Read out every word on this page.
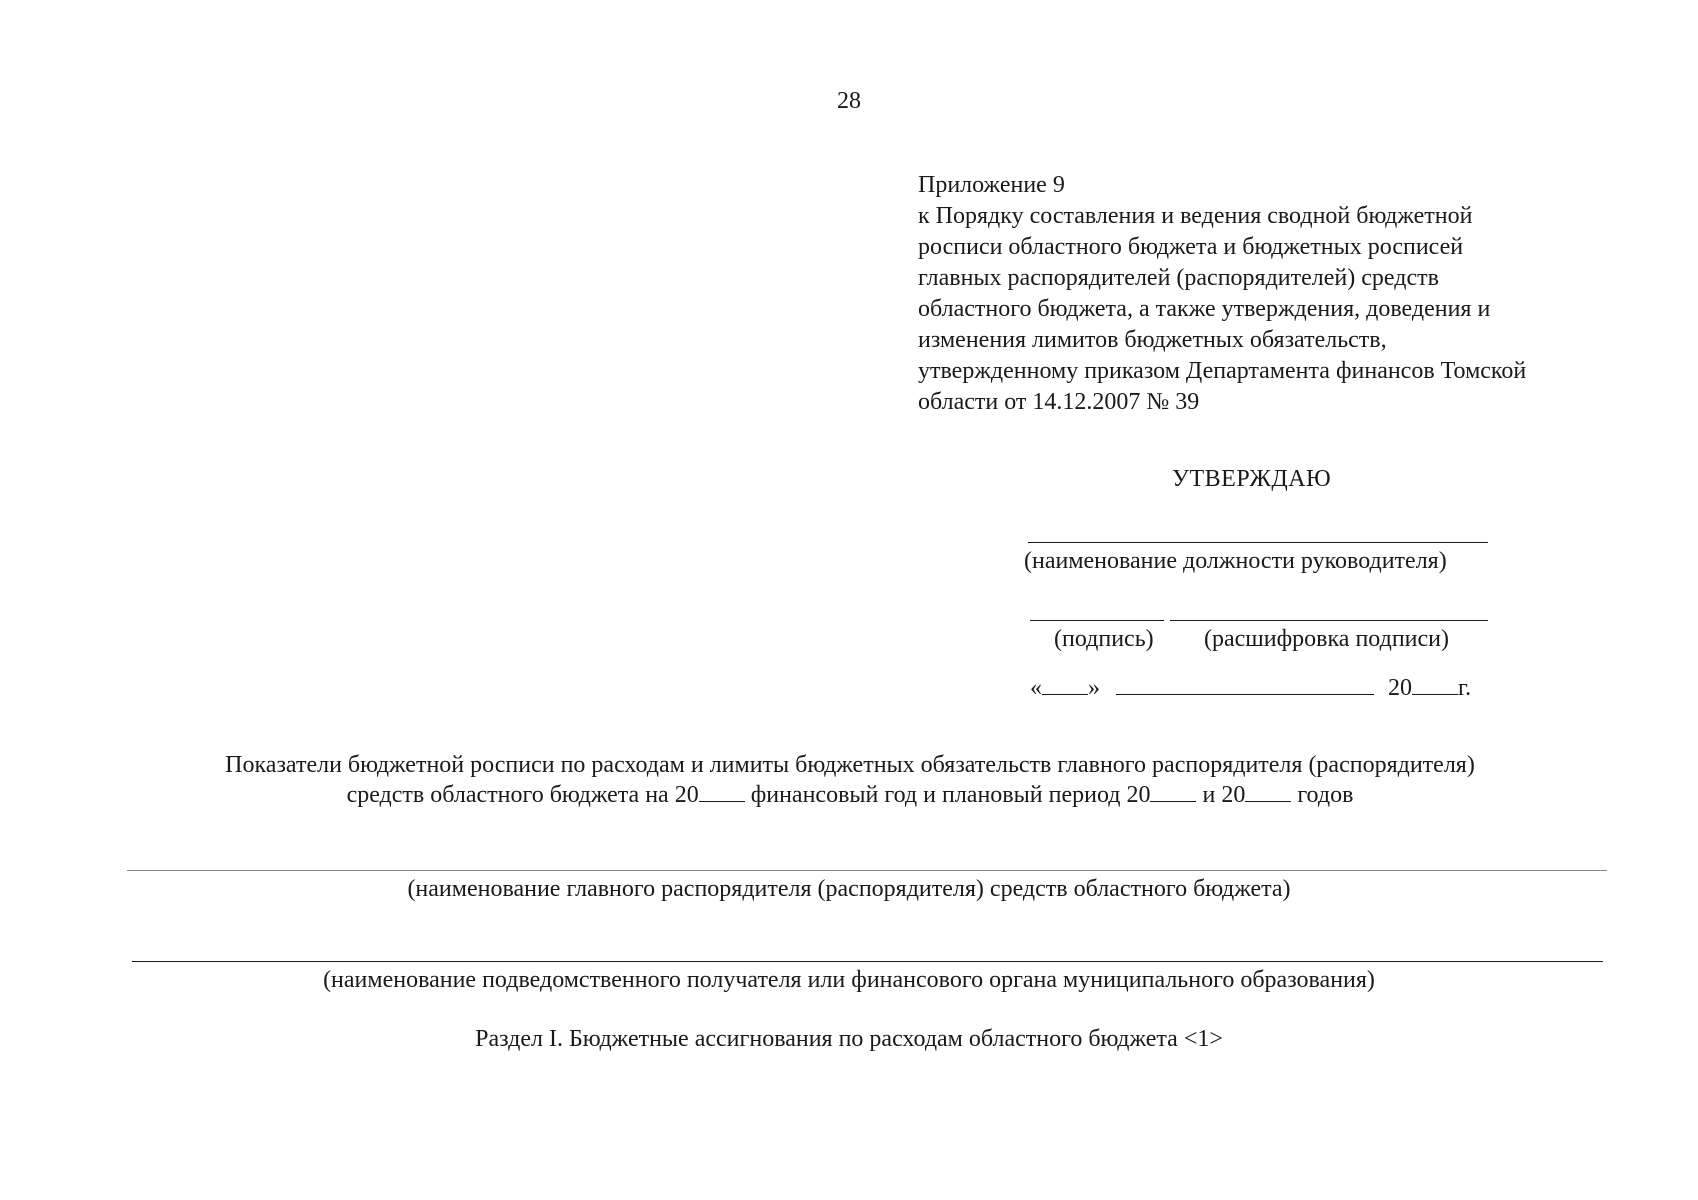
28
Приложение 9
к Порядку составления и ведения сводной бюджетной
росписи областного бюджета и бюджетных росписей
главных распорядителей (распорядителей) средств
областного бюджета, а также утверждения, доведения и
изменения лимитов бюджетных обязательств,
утвержденному приказом Департамента финансов Томской
области от 14.12.2007 № 39
УТВЕРЖДАЮ
(наименование должности руководителя)
(подпись) (расшифровка подписи)
« »	20 г.
Показатели бюджетной росписи по расходам и лимиты бюджетных обязательств главного распорядителя (распорядителя)
средств областного бюджета на 20 финансовый год и плановый период 20 и 20 годов
(наименование главного распорядителя (распорядителя) средств областного бюджета)
(наименование подведомственного получателя или финансового органа муниципального образования)
Раздел I. Бюджетные ассигнования по расходам областного бюджета <1>
